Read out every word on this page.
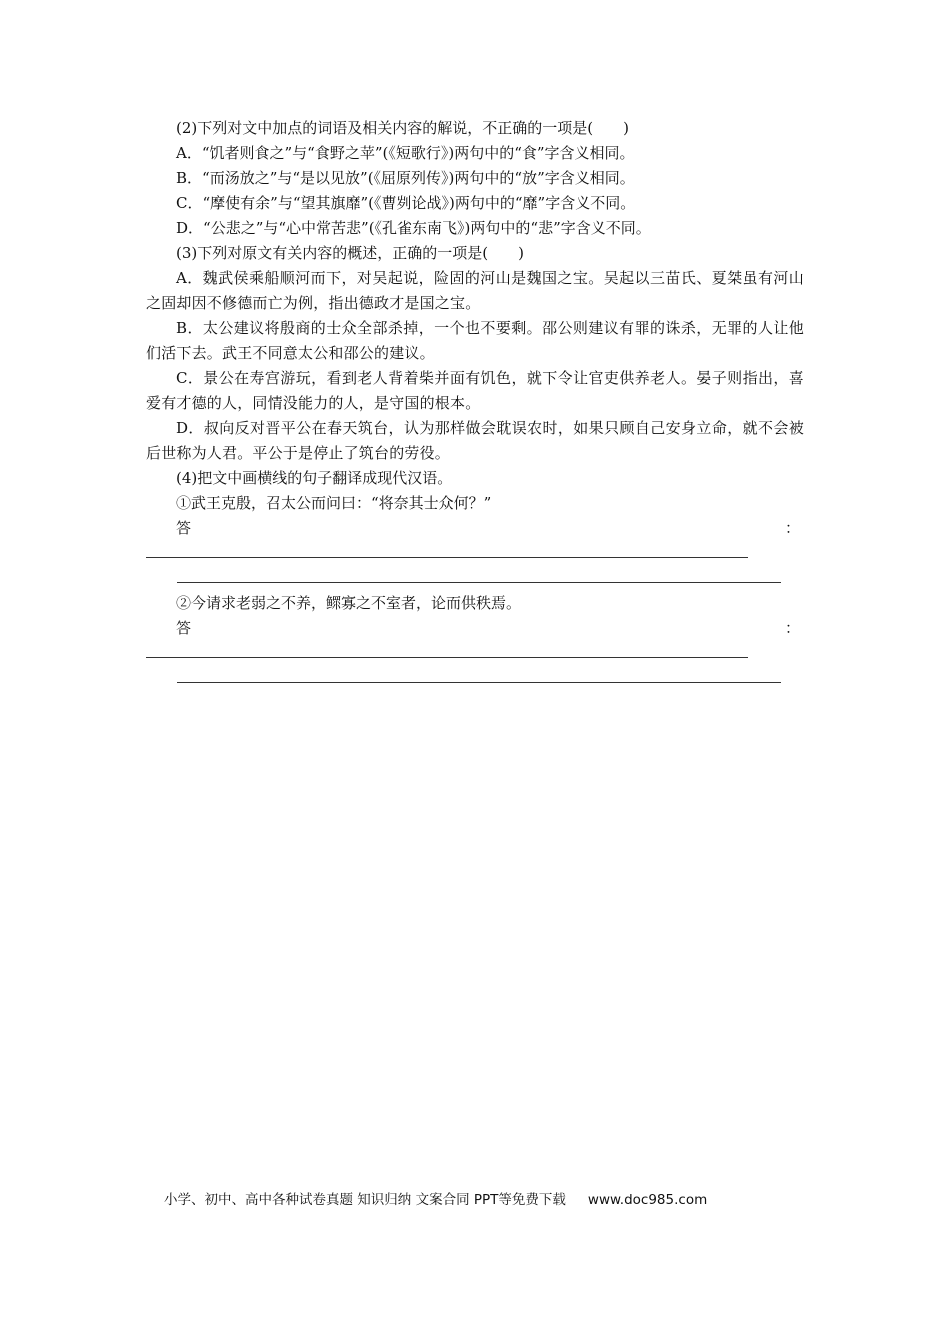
(2)下列对文中加点的词语及相关内容的解说，不正确的一项是(　　)
A．“饥者则食之”与“食野之苹”(《短歌行》)两句中的“食”字含义相同。
B．“而汤放之”与“是以见放”(《屈原列传》)两句中的“放”字含义相同。
C．“摩使有余”与“望其旗靡”(《曹刿论战》)两句中的“靡”字含义不同。
D．“公悲之”与“心中常苦悲”(《孔雀东南飞》)两句中的“悲”字含义不同。
(3)下列对原文有关内容的概述，正确的一项是(　　)
A．魏武侯乘船顺河而下，对吴起说，险固的河山是魏国之宝。吴起以三苗氏、夏桀虽有河山之固却因不修德而亡为例，指出德政才是国之宝。
B．太公建议将殷商的士众全部杀掉，一个也不要剩。邵公则建议有罪的诛杀，无罪的人让他们活下去。武王不同意太公和邵公的建议。
C．景公在寿宫游玩，看到老人背着柴并面有饥色，就下令让官吏供养老人。晏子则指出，喜爱有才德的人，同情没能力的人，是守国的根本。
D．叔向反对晋平公在春天筑台，认为那样做会耽误农时，如果只顾自己安身立命，就不会被后世称为人君。平公于是停止了筑台的劳役。
(4)把文中画横线的句子翻译成现代汉语。
①武王克殷，召太公而问曰：“将奈其士众何？”
答	：
②今请求老弱之不养，鳏寡之不室者，论而供秩焉。
答	：
小学、初中、高中各种试卷真题 知识归纳 文案合同 PPT等免费下载 www.doc985.com
